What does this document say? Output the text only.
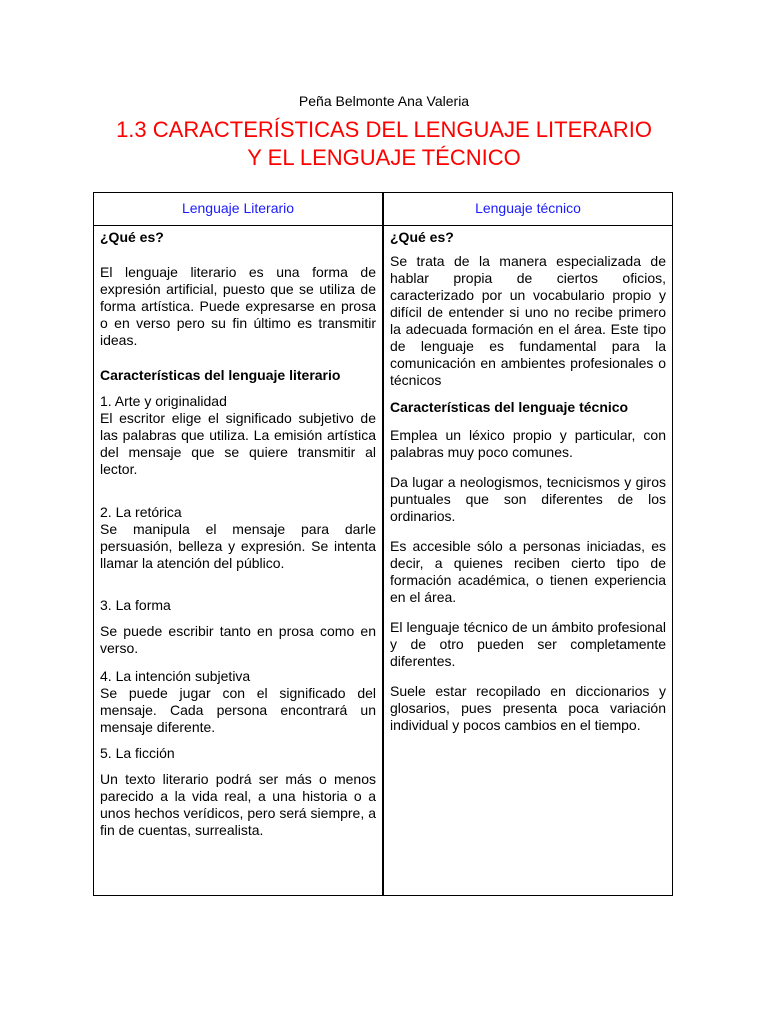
Peña Belmonte Ana Valeria
1.3 CARACTERÍSTICAS DEL LENGUAJE LITERARIO
Y EL LENGUAJE TÉCNICO
Lenguaje Literario	Lenguaje técnico

¿Qué es?

El lenguaje literario es una forma de expresión artificial, puesto que se utiliza de forma artística. Puede expresarse en prosa o en verso pero su fin último es transmitir ideas.

Características del lenguaje literario

1. Arte y originalidad

El escritor elige el significado subjetivo de las palabras que utiliza. La emisión artística del mensaje que se quiere transmitir al lector.

2. La retórica

Se manipula el mensaje para darle persuasión, belleza y expresión. Se intenta llamar la atención del público.

3. La forma

Se puede escribir tanto en prosa como en verso.

4. La intención subjetiva

Se puede jugar con el significado del mensaje. Cada persona encontrará un mensaje diferente.

5. La ficción

Un texto literario podrá ser más o menos parecido a la vida real, a una historia o a unos hechos verídicos, pero será siempre, a fin de cuentas, surrealista.

¿Qué es?

Se trata de la manera especializada de hablar propia de ciertos oficios, caracterizado por un vocabulario propio y difícil de entender si uno no recibe primero la adecuada formación en el área. Este tipo de lenguaje es fundamental para la comunicación en ambientes profesionales o técnicos

Características del lenguaje técnico

Emplea un léxico propio y particular, con palabras muy poco comunes.

Da lugar a neologismos, tecnicismos y giros puntuales que son diferentes de los ordinarios.

Es accesible sólo a personas iniciadas, es decir, a quienes reciben cierto tipo de formación académica, o tienen experiencia en el área.

El lenguaje técnico de un ámbito profesional y de otro pueden ser completamente diferentes.

Suele estar recopilado en diccionarios y glosarios, pues presenta poca variación individual y pocos cambios en el tiempo.
